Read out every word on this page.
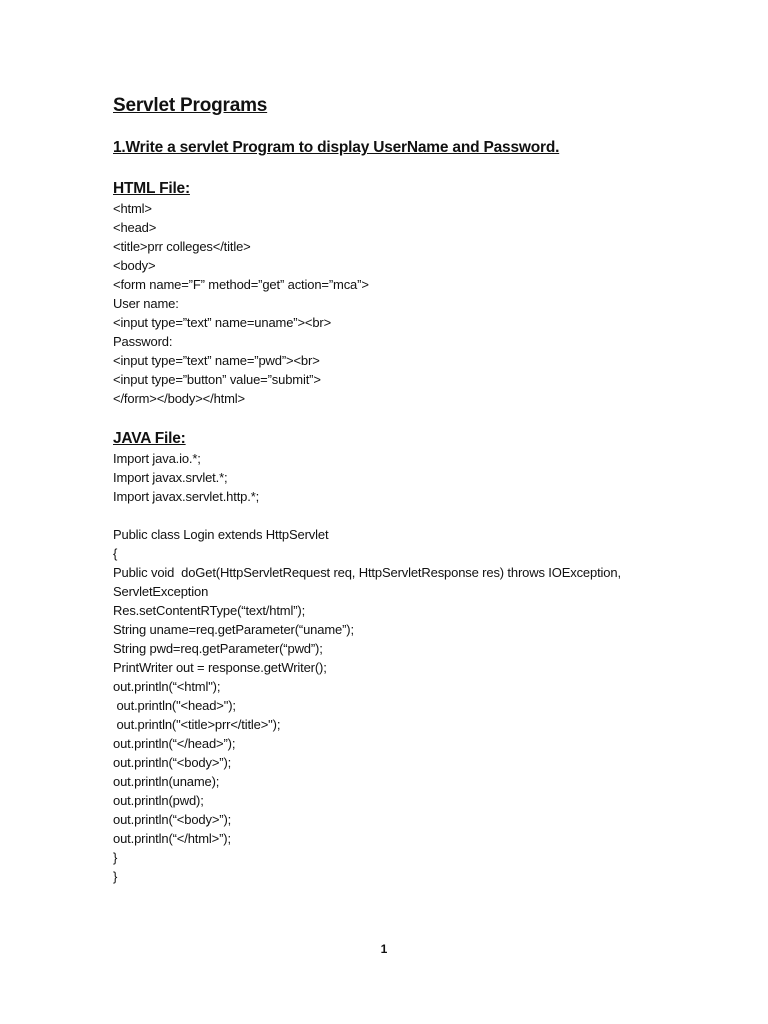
Servlet Programs
1.Write a servlet Program to display UserName and Password.
HTML File:
<html>
<head>
<title>prr colleges</title>
<body>
<form name=”F” method=”get” action=”mca”>
User name:
<input type=”text” name=uname”><br>
Password:
<input type=”text” name=”pwd”><br>
<input type=”button” value=”submit”>
</form></body></html>
JAVA File:
Import java.io.*;
Import javax.srvlet.*;
Import javax.servlet.http.*;
Public class Login extends HttpServlet
{
Public void  doGet(HttpServletRequest req, HttpServletResponse res) throws IOException,
ServletException
Res.setContentRType(“text/html”);
String uname=req.getParameter(“uname”);
String pwd=req.getParameter(“pwd”);
PrintWriter out = response.getWriter();
out.println(“<html");
out.println("<head>");
out.println("<title>prr</title>");
out.println(“</head>”);
out.println(“<body>”);
out.println(uname);
out.println(pwd);
out.println(“<body>”);
out.println(“</html>”);
}
}
1
